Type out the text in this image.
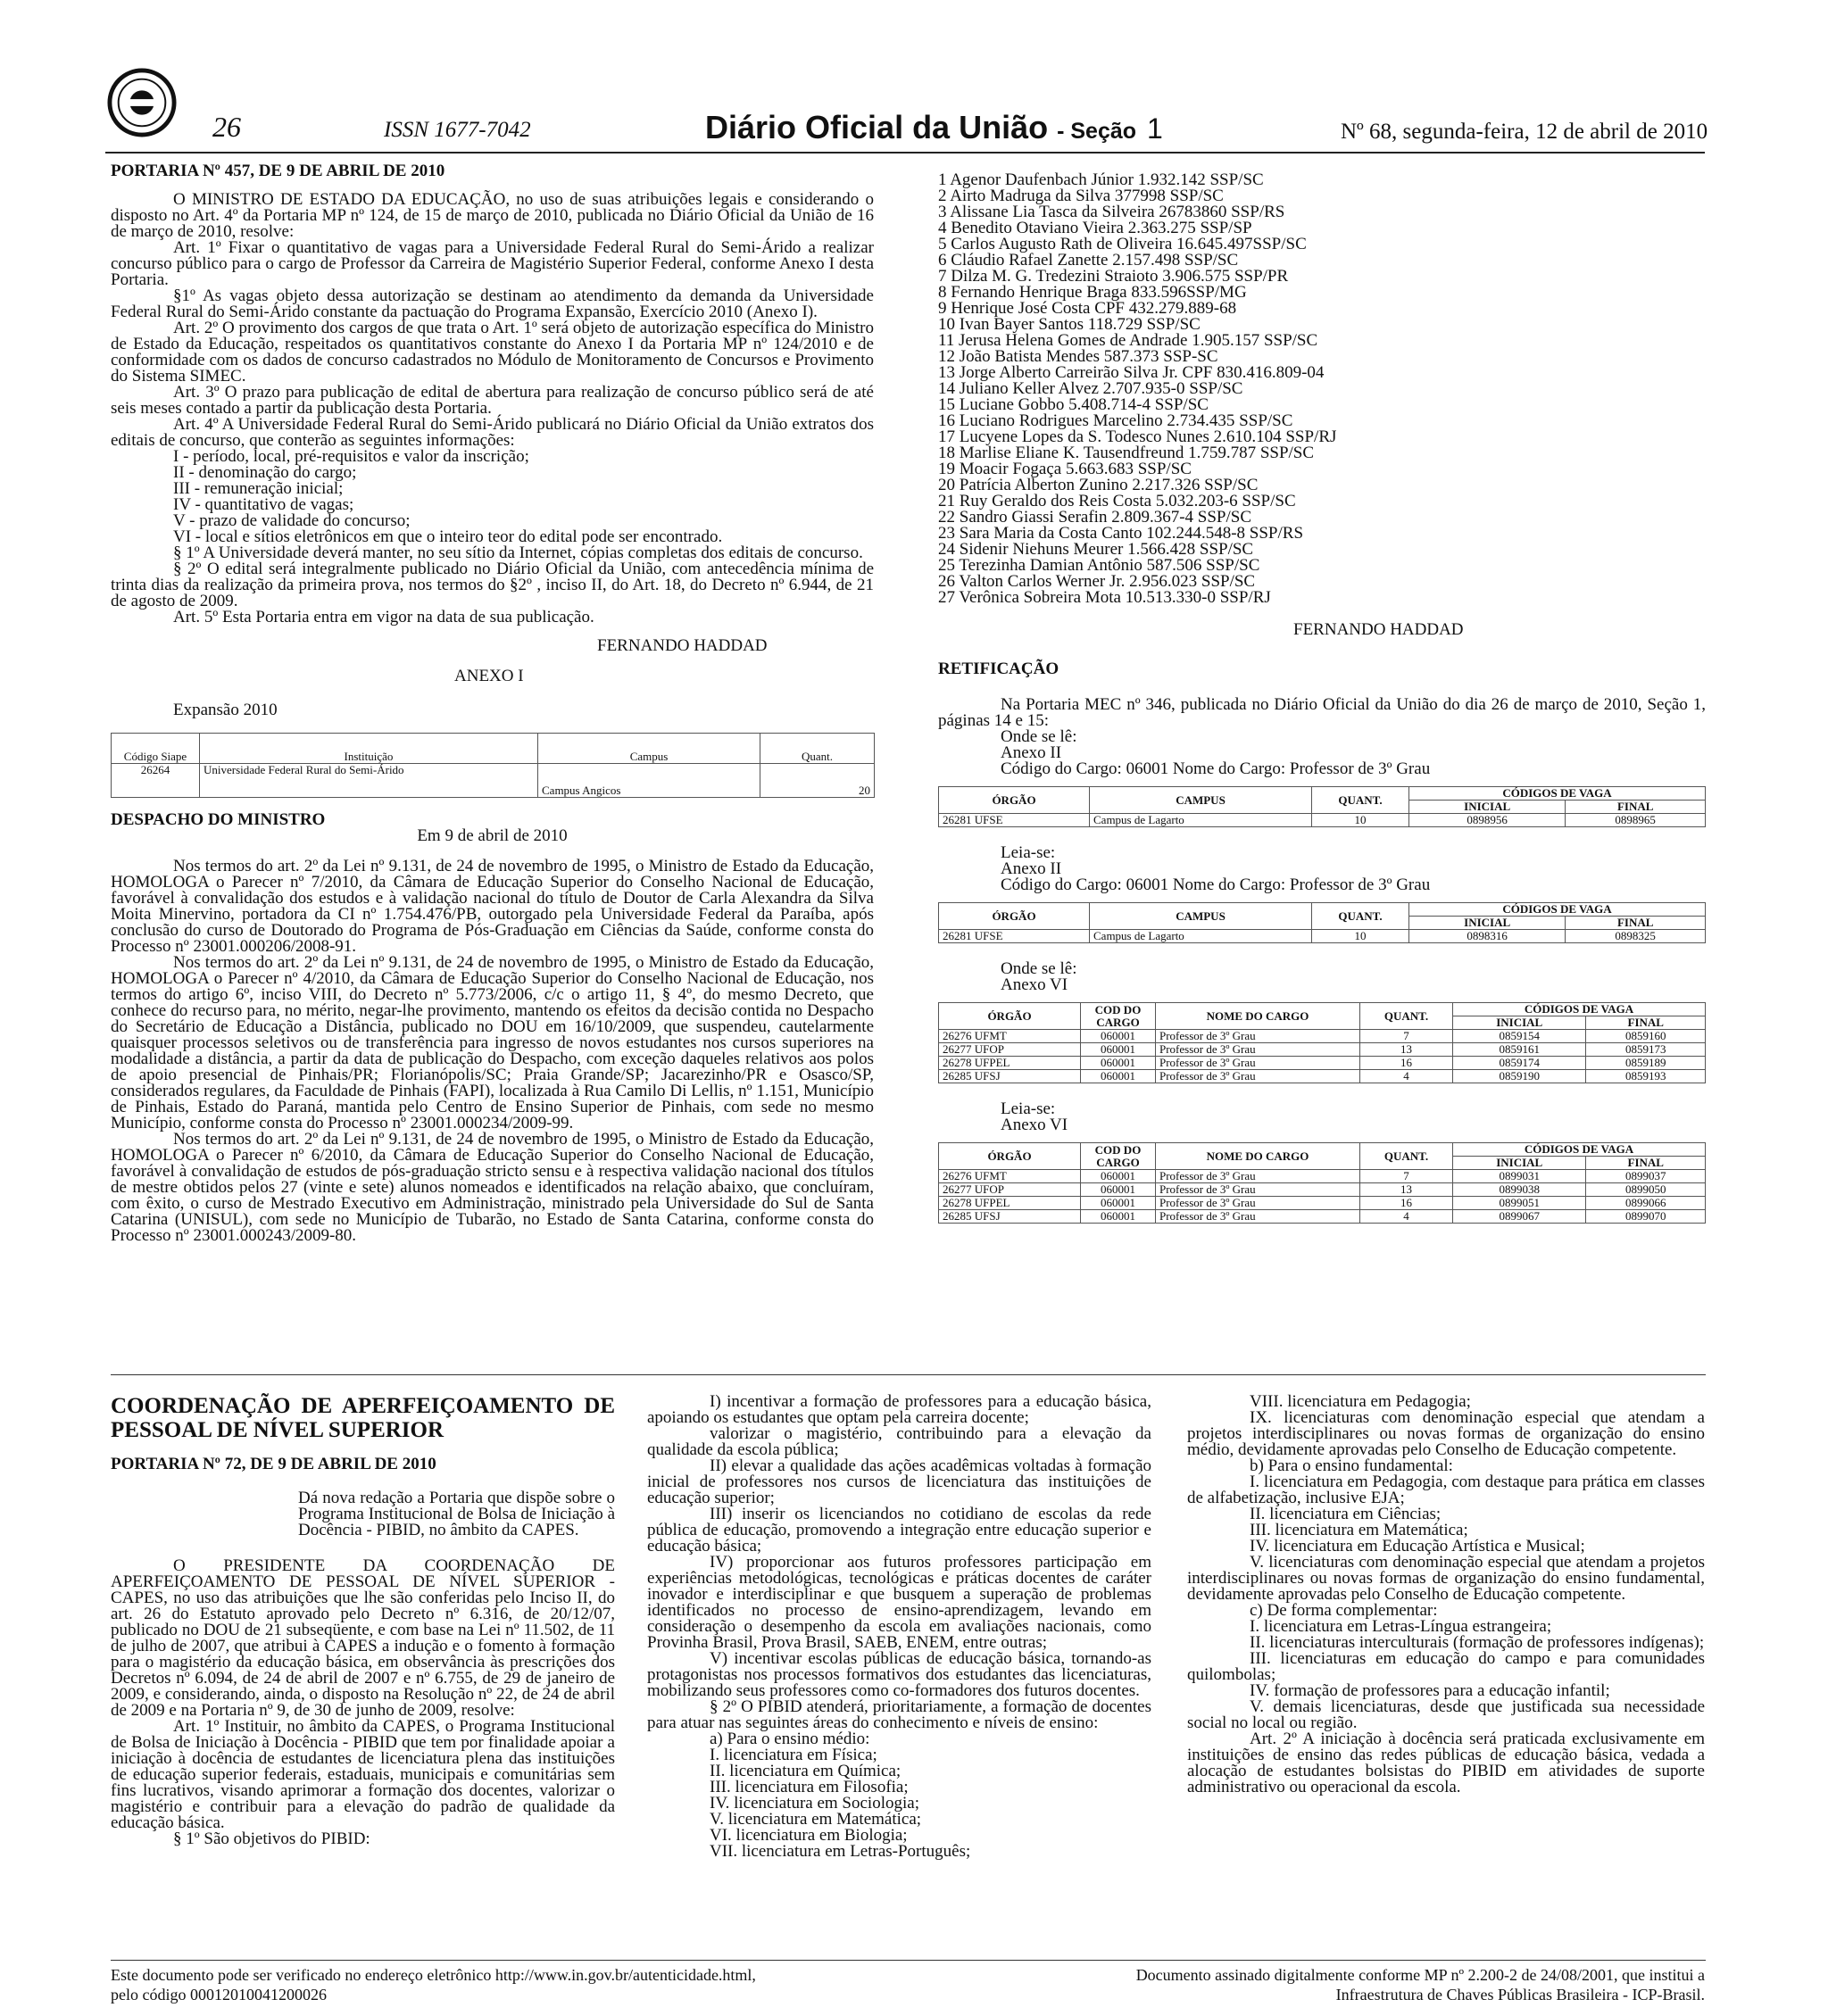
26	ISSN 1677-7042	Diário Oficial da União - Seção 1	Nº 68, segunda-feira, 12 de abril de 2010

PORTARIA Nº 457, DE 9 DE ABRIL DE 2010

O MINISTRO DE ESTADO DA EDUCAÇÃO, no uso de suas atribuições legais e considerando o disposto no Art. 4º da Portaria MP nº 124, de 15 de março de 2010, publicada no Diário Oficial da União de 16 de março de 2010, resolve:

Art. 1º Fixar o quantitativo de vagas para a Universidade Federal Rural do Semi-Árido a realizar concurso público para o cargo de Professor da Carreira de Magistério Superior Federal, conforme Anexo I desta Portaria.

§1º As vagas objeto dessa autorização se destinam ao atendimento da demanda da Universidade Federal Rural do Semi-Árido constante da pactuação do Programa Expansão, Exercício 2010 (Anexo I).

Art. 2º O provimento dos cargos de que trata o Art. 1º será objeto de autorização específica do Ministro de Estado da Educação, respeitados os quantitativos constante do Anexo I da Portaria MP nº 124/2010 e de conformidade com os dados de concurso cadastrados no Módulo de Monitoramento de Concursos e Provimento do Sistema SIMEC.

Art. 3º O prazo para publicação de edital de abertura para realização de concurso público será de até seis meses contado a partir da publicação desta Portaria.

Art. 4º A Universidade Federal Rural do Semi-Árido publicará no Diário Oficial da União extratos dos editais de concurso, que conterão as seguintes informações:

I - período, local, pré-requisitos e valor da inscrição;

II - denominação do cargo;

III - remuneração inicial;

IV - quantitativo de vagas;

V - prazo de validade do concurso;

VI - local e sítios eletrônicos em que o inteiro teor do edital pode ser encontrado.

§ 1º A Universidade deverá manter, no seu sítio da Internet, cópias completas dos editais de concurso.

§ 2º O edital será integralmente publicado no Diário Oficial da União, com antecedência mínima de trinta dias da realização da primeira prova, nos termos do §2º , inciso II, do Art. 18, do Decreto nº 6.944, de 21 de agosto de 2009.

Art. 5º Esta Portaria entra em vigor na data de sua publicação.

FERNANDO HADDAD

ANEXO I

Expansão 2010

Código Siape	Instituição	Campus	Quant.
26264	Universidade Federal Rural do Semi-Árido	Campus Angicos	20

DESPACHO DO MINISTRO

Em 9 de abril de 2010

Nos termos do art. 2º da Lei nº 9.131, de 24 de novembro de 1995, o Ministro de Estado da Educação, HOMOLOGA o Parecer nº 7/2010, da Câmara de Educação Superior do Conselho Nacional de Educação, favorável à convalidação dos estudos e à validação nacional do título de Doutor de Carla Alexandra da Silva Moita Minervino, portadora da CI nº 1.754.476/PB, outorgado pela Universidade Federal da Paraíba, após conclusão do curso de Doutorado do Programa de Pós-Graduação em Ciências da Saúde, conforme consta do Processo nº 23001.000206/2008-91.

Nos termos do art. 2º da Lei nº 9.131, de 24 de novembro de 1995, o Ministro de Estado da Educação, HOMOLOGA o Parecer nº 4/2010, da Câmara de Educação Superior do Conselho Nacional de Educação, nos termos do artigo 6º, inciso VIII, do Decreto nº 5.773/2006, c/c o artigo 11, § 4º, do mesmo Decreto, que conhece do recurso para, no mérito, negar-lhe provimento, mantendo os efeitos da decisão contida no Despacho do Secretário de Educação a Distância, publicado no DOU em 16/10/2009, que suspendeu, cautelarmente quaisquer processos seletivos ou de transferência para ingresso de novos estudantes nos cursos superiores na modalidade a distância, a partir da data de publicação do Despacho, com exceção daqueles relativos aos polos de apoio presencial de Pinhais/PR; Florianópolis/SC; Praia Grande/SP; Jacarezinho/PR e Osasco/SP, considerados regulares, da Faculdade de Pinhais (FAPI), localizada à Rua Camilo Di Lellis, nº 1.151, Município de Pinhais, Estado do Paraná, mantida pelo Centro de Ensino Superior de Pinhais, com sede no mesmo Município, conforme consta do Processo nº 23001.000234/2009-99.

Nos termos do art. 2º da Lei nº 9.131, de 24 de novembro de 1995, o Ministro de Estado da Educação, HOMOLOGA o Parecer nº 6/2010, da Câmara de Educação Superior do Conselho Nacional de Educação, favorável à convalidação de estudos de pós-graduação stricto sensu e à respectiva validação nacional dos títulos de mestre obtidos pelos 27 (vinte e sete) alunos nomeados e identificados na relação abaixo, que concluíram, com êxito, o curso de Mestrado Executivo em Administração, ministrado pela Universidade do Sul de Santa Catarina (UNISUL), com sede no Município de Tubarão, no Estado de Santa Catarina, conforme consta do Processo nº 23001.000243/2009-80.

1 Agenor Daufenbach Júnior 1.932.142 SSP/SC

2 Airto Madruga da Silva 377998 SSP/SC

3 Alissane Lia Tasca da Silveira 26783860 SSP/RS

4 Benedito Otaviano Vieira 2.363.275 SSP/SP

5 Carlos Augusto Rath de Oliveira 16.645.497SSP/SC

6 Cláudio Rafael Zanette 2.157.498 SSP/SC

7 Dilza M. G. Tredezini Straioto 3.906.575 SSP/PR

8 Fernando Henrique Braga 833.596SSP/MG

9 Henrique José Costa CPF 432.279.889-68

10 Ivan Bayer Santos 118.729 SSP/SC

11 Jerusa Helena Gomes de Andrade 1.905.157 SSP/SC

12 João Batista Mendes 587.373 SSP-SC

13 Jorge Alberto Carreirão Silva Jr. CPF 830.416.809-04

14 Juliano Keller Alvez 2.707.935-0 SSP/SC

15 Luciane Gobbo 5.408.714-4 SSP/SC

16 Luciano Rodrigues Marcelino 2.734.435 SSP/SC

17 Lucyene Lopes da S. Todesco Nunes 2.610.104 SSP/RJ

18 Marlise Eliane K. Tausendfreund 1.759.787 SSP/SC

19 Moacir Fogaça 5.663.683 SSP/SC

20 Patrícia Alberton Zunino 2.217.326 SSP/SC

21 Ruy Geraldo dos Reis Costa 5.032.203-6 SSP/SC

22 Sandro Giassi Serafin 2.809.367-4 SSP/SC

23 Sara Maria da Costa Canto 102.244.548-8 SSP/RS

24 Sidenir Niehuns Meurer 1.566.428 SSP/SC

25 Terezinha Damian Antônio 587.506 SSP/SC

26 Valton Carlos Werner Jr. 2.956.023 SSP/SC

27 Verônica Sobreira Mota 10.513.330-0 SSP/RJ

FERNANDO HADDAD

RETIFICAÇÃO

Na Portaria MEC nº 346, publicada no Diário Oficial da União do dia 26 de março de 2010, Seção 1, páginas 14 e 15:

Onde se lê:

Anexo II

Código do Cargo: 06001 Nome do Cargo: Professor de 3º Grau

ÓRGÃO	CAMPUS	QUANT.	CÓDIGOS DE VAGA	
			INICIAL	FINAL
26281 UFSE	Campus de Lagarto	10	0898956	0898965

Leia-se:

Anexo II

Código do Cargo: 06001 Nome do Cargo: Professor de 3º Grau

ÓRGÃO	CAMPUS	QUANT.	CÓDIGOS DE VAGA	
			INICIAL	FINAL
26281 UFSE	Campus de Lagarto	10	0898316	0898325

Onde se lê:

Anexo VI

ÓRGÃO	COD DO CARGO	NOME DO CARGO	QUANT.	CÓDIGOS DE VAGA	
				INICIAL	FINAL
26276 UFMT	060001	Professor de 3º Grau	7	0859154	0859160
26277 UFOP	060001	Professor de 3º Grau	13	0859161	0859173
26278 UFPEL	060001	Professor de 3º Grau	16	0859174	0859189
26285 UFSJ	060001	Professor de 3º Grau	4	0859190	0859193

Leia-se:

Anexo VI

ÓRGÃO	COD DO CARGO	NOME DO CARGO	QUANT.	CÓDIGOS DE VAGA	
				INICIAL	FINAL
26276 UFMT	060001	Professor de 3º Grau	7	0899031	0899037
26277 UFOP	060001	Professor de 3º Grau	13	0899038	0899050
26278 UFPEL	060001	Professor de 3º Grau	16	0899051	0899066
26285 UFSJ	060001	Professor de 3º Grau	4	0899067	0899070

COORDENAÇÃO DE APERFEIÇOAMENTO DE PESSOAL DE NÍVEL SUPERIOR

PORTARIA Nº 72, DE 9 DE ABRIL DE 2010

Dá nova redação a Portaria que dispõe sobre o Programa Institucional de Bolsa de Iniciação à Docência - PIBID, no âmbito da CAPES.

O PRESIDENTE DA COORDENAÇÃO DE APERFEIÇOAMENTO DE PESSOAL DE NÍVEL SUPERIOR - CAPES, no uso das atribuições que lhe são conferidas pelo Inciso II, do art. 26 do Estatuto aprovado pelo Decreto nº 6.316, de 20/12/07, publicado no DOU de 21 subseqüente, e com base na Lei nº 11.502, de 11 de julho de 2007, que atribui à CAPES a indução e o fomento à formação para o magistério da educação básica, em observância às prescrições dos Decretos nº 6.094, de 24 de abril de 2007 e nº 6.755, de 29 de janeiro de 2009, e considerando, ainda, o disposto na Resolução nº 22, de 24 de abril de 2009 e na Portaria nº 9, de 30 de junho de 2009, resolve:

Art. 1º Instituir, no âmbito da CAPES, o Programa Institucional de Bolsa de Iniciação à Docência - PIBID que tem por finalidade apoiar a iniciação à docência de estudantes de licenciatura plena das instituições de educação superior federais, estaduais, municipais e comunitárias sem fins lucrativos, visando aprimorar a formação dos docentes, valorizar o magistério e contribuir para a elevação do padrão de qualidade da educação básica.

§ 1º São objetivos do PIBID:

I) incentivar a formação de professores para a educação básica, apoiando os estudantes que optam pela carreira docente;

valorizar o magistério, contribuindo para a elevação da qualidade da escola pública;

II) elevar a qualidade das ações acadêmicas voltadas à formação inicial de professores nos cursos de licenciatura das instituições de educação superior;

III) inserir os licenciandos no cotidiano de escolas da rede pública de educação, promovendo a integração entre educação superior e educação básica;

IV) proporcionar aos futuros professores participação em experiências metodológicas, tecnológicas e práticas docentes de caráter inovador e interdisciplinar e que busquem a superação de problemas identificados no processo de ensino-aprendizagem, levando em consideração o desempenho da escola em avaliações nacionais, como Provinha Brasil, Prova Brasil, SAEB, ENEM, entre outras;

V) incentivar escolas públicas de educação básica, tornando-as protagonistas nos processos formativos dos estudantes das licenciaturas, mobilizando seus professores como co-formadores dos futuros docentes.

§ 2º O PIBID atenderá, prioritariamente, a formação de docentes para atuar nas seguintes áreas do conhecimento e níveis de ensino:

a) Para o ensino médio:

I. licenciatura em Física;

II. licenciatura em Química;

III. licenciatura em Filosofia;

IV. licenciatura em Sociologia;

V. licenciatura em Matemática;

VI. licenciatura em Biologia;

VII. licenciatura em Letras-Português;

VIII. licenciatura em Pedagogia;

IX. licenciaturas com denominação especial que atendam a projetos interdisciplinares ou novas formas de organização do ensino médio, devidamente aprovadas pelo Conselho de Educação competente.

b) Para o ensino fundamental:

I. licenciatura em Pedagogia, com destaque para prática em classes de alfabetização, inclusive EJA;

II. licenciatura em Ciências;

III. licenciatura em Matemática;

IV. licenciatura em Educação Artística e Musical;

V. licenciaturas com denominação especial que atendam a projetos interdisciplinares ou novas formas de organização do ensino fundamental, devidamente aprovadas pelo Conselho de Educação competente.

c) De forma complementar:

I. licenciatura em Letras-Língua estrangeira;

II. licenciaturas interculturais (formação de professores indígenas);

III. licenciaturas em educação do campo e para comunidades quilombolas;

IV. formação de professores para a educação infantil;

V. demais licenciaturas, desde que justificada sua necessidade social no local ou região.

Art. 2º A iniciação à docência será praticada exclusivamente em instituições de ensino das redes públicas de educação básica, vedada a alocação de estudantes bolsistas do PIBID em atividades de suporte administrativo ou operacional da escola.

Este documento pode ser verificado no endereço eletrônico http://www.in.gov.br/autenticidade.html,
pelo código 00012010041200026
Documento assinado digitalmente conforme MP nº 2.200-2 de 24/08/2001, que institui a
Infraestrutura de Chaves Públicas Brasileira - ICP-Brasil.
